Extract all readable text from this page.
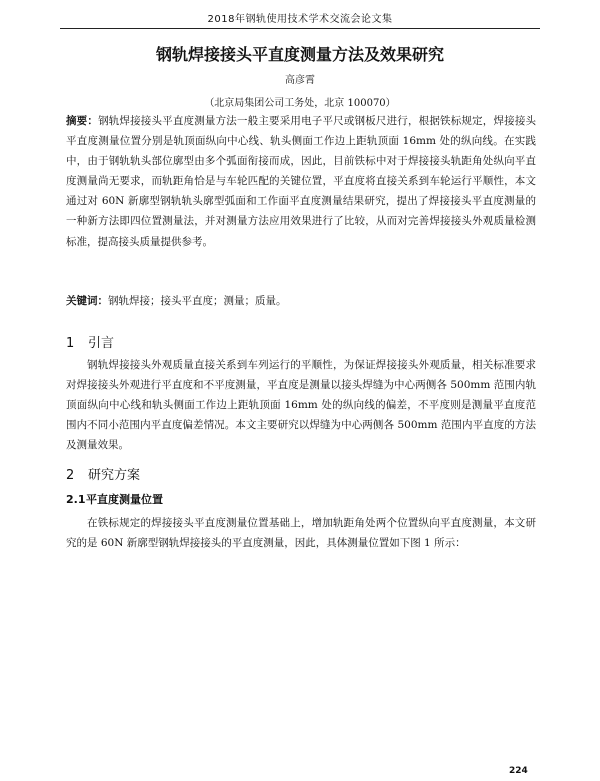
2018年钢轨使用技术学术交流会论文集
钢轨焊接接头平直度测量方法及效果研究
高彦霄
（北京局集团公司工务处，北京 100070）

摘要：钢轨焊接接头平直度测量方法一般主要采用电子平尺或钢板尺进行，根据铁标规定，焊接接头平直度测量位置分别是轨顶面纵向中心线、轨头侧面工作边上距轨顶面 16mm 处的纵向线。在实践中，由于钢轨轨头部位廓型由多个弧面衔接而成，因此，目前铁标中对于焊接接头轨距角处纵向平直度测量尚无要求，而轨距角恰是与车轮匹配的关键位置，平直度将直接关系到车轮运行平顺性，本文通过对 60N 新廓型钢轨轨头廓型弧面和工作面平直度测量结果研究，提出了焊接接头平直度测量的一种新方法即四位置测量法，并对测量方法应用效果进行了比较，从而对完善焊接接头外观质量检测标准，提高接头质量提供参考。

关键词：钢轨焊接；接头平直度；测量；质量。

1 引言

钢轨焊接接头外观质量直接关系到车列运行的平顺性，为保证焊接接头外观质量，相关标准要求对焊接接头外观进行平直度和不平度测量，平直度是测量以接头焊缝为中心两侧各 500mm 范围内轨顶面纵向中心线和轨头侧面工作边上距轨顶面 16mm 处的纵向线的偏差，不平度则是测量平直度范围内不同小范围内平直度偏差情况。本文主要研究以焊缝为中心两侧各 500mm 范围内平直度的方法及测量效果。

2 研究方案
2.1平直度测量位置

在铁标规定的焊接接头平直度测量位置基础上，增加轨距角处两个位置纵向平直度测量，本文研究的是 60N 新廓型钢轨焊接接头的平直度测量，因此，具体测量位置如下图 1 所示：

224
